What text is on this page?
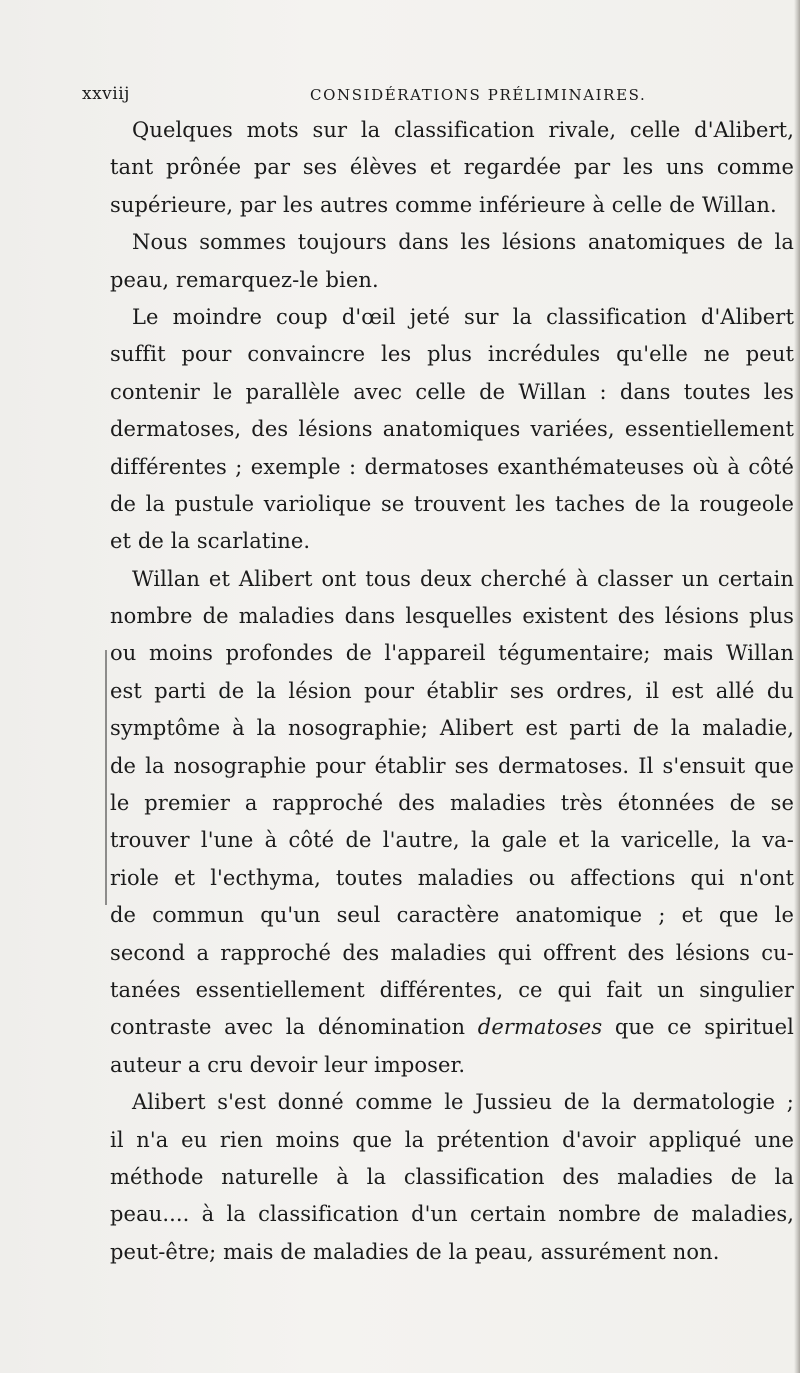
xxviij	CONSIDÉRATIONS PRÉLIMINAIRES.
Quelques mots sur la classification rivale, celle d'Alibert,
tant prônée par ses élèves et regardée par les uns comme
supérieure, par les autres comme inférieure à celle de Willan.
Nous sommes toujours dans les lésions anatomiques de la
peau, remarquez-le bien.
Le moindre coup d'œil jeté sur la classification d'Alibert
suffit pour convaincre les plus incrédules qu'elle ne peut
contenir le parallèle avec celle de Willan : dans toutes les
dermatoses, des lésions anatomiques variées, essentiellement
différentes ; exemple : dermatoses exanthémateuses où à côté
de la pustule variolique se trouvent les taches de la rougeole
et de la scarlatine.
Willan et Alibert ont tous deux cherché à classer un certain
nombre de maladies dans lesquelles existent des lésions plus
ou moins profondes de l'appareil tégumentaire; mais Willan
est parti de la lésion pour établir ses ordres, il est allé du
symptôme à la nosographie; Alibert est parti de la maladie,
de la nosographie pour établir ses dermatoses. Il s'ensuit que
le premier a rapproché des maladies très étonnées de se
trouver l'une à côté de l'autre, la gale et la varicelle, la va-
riole et l'ecthyma, toutes maladies ou affections qui n'ont
de commun qu'un seul caractère anatomique ; et que le
second a rapproché des maladies qui offrent des lésions cu-
tanées essentiellement différentes, ce qui fait un singulier
contraste avec la dénomination dermatoses que ce spirituel
auteur a cru devoir leur imposer.
Alibert s'est donné comme le Jussieu de la dermatologie ;
il n'a eu rien moins que la prétention d'avoir appliqué une
méthode naturelle à la classification des maladies de la
peau.... à la classification d'un certain nombre de maladies,
peut-être; mais de maladies de la peau, assurément non.
